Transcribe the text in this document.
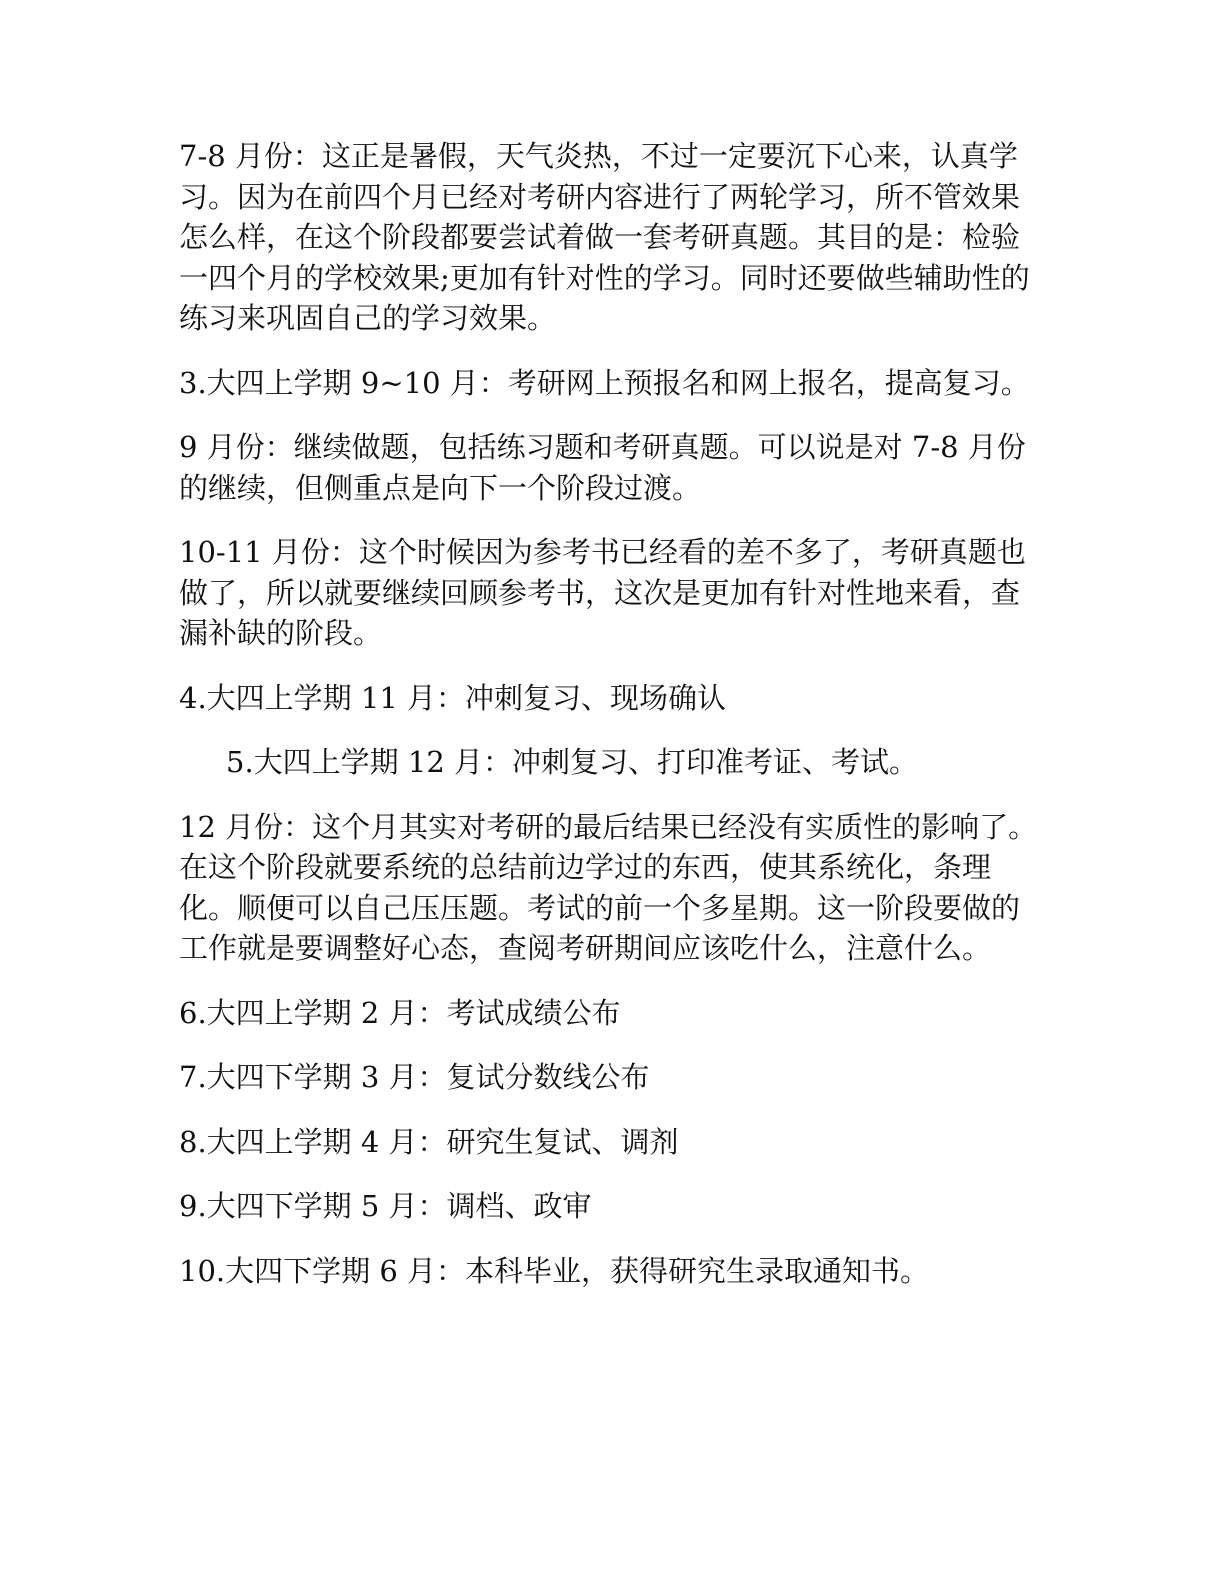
7-8 月份：这正是暑假，天气炎热，不过一定要沉下心来，认真学习。因为在前四个月已经对考研内容进行了两轮学习，所不管效果怎么样，在这个阶段都要尝试着做一套考研真题。其目的是：检验一四个月的学校效果;更加有针对性的学习。同时还要做些辅助性的练习来巩固自己的学习效果。

3.大四上学期 9~10 月：考研网上预报名和网上报名，提高复习。

9 月份：继续做题，包括练习题和考研真题。可以说是对 7-8 月份的继续，但侧重点是向下一个阶段过渡。

10-11 月份：这个时候因为参考书已经看的差不多了，考研真题也做了，所以就要继续回顾参考书，这次是更加有针对性地来看，查漏补缺的阶段。

4.大四上学期 11 月：冲刺复习、现场确认

5.大四上学期 12 月：冲刺复习、打印准考证、考试。

12 月份：这个月其实对考研的最后结果已经没有实质性的影响了。在这个阶段就要系统的总结前边学过的东西，使其系统化，条理化。顺便可以自己压压题。考试的前一个多星期。这一阶段要做的工作就是要调整好心态，查阅考研期间应该吃什么，注意什么。

6.大四上学期 2 月：考试成绩公布

7.大四下学期 3 月：复试分数线公布

8.大四上学期 4 月：研究生复试、调剂

9.大四下学期 5 月：调档、政审

10.大四下学期 6 月：本科毕业，获得研究生录取通知书。
